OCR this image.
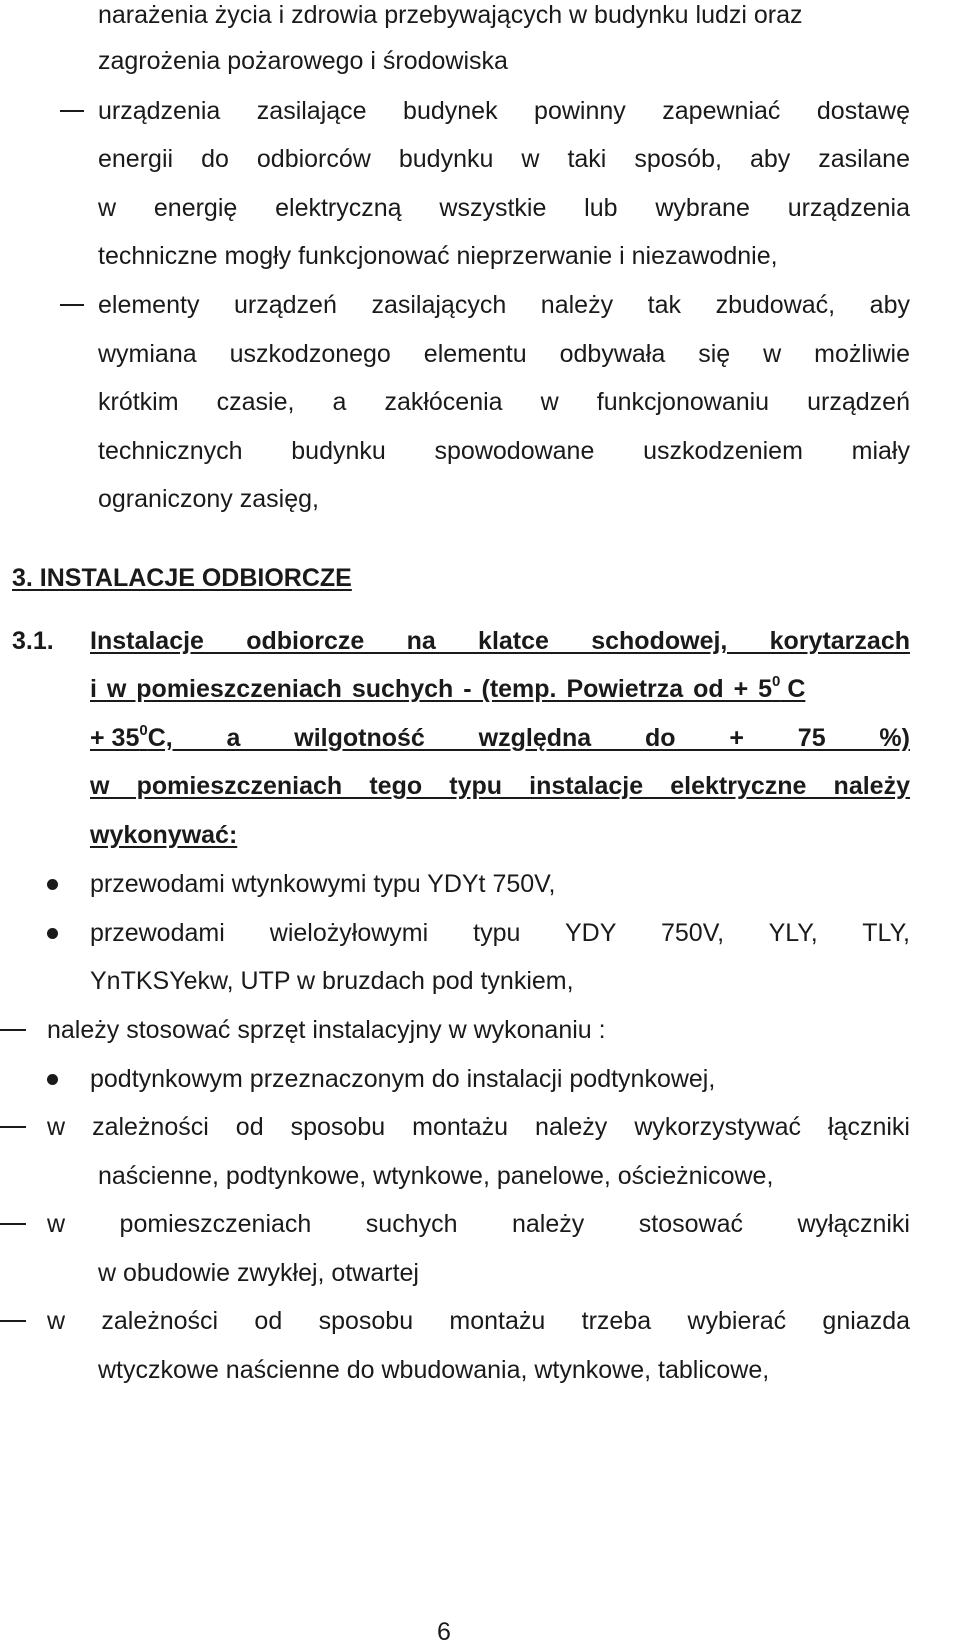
narażenia życia i zdrowia przebywających w budynku ludzi oraz
zagrożenia pożarowego i środowiska
urządzenia zasilające budynek powinny zapewniać dostawę
energii do odbiorców budynku w taki sposób, aby zasilane
w energię elektryczną wszystkie lub wybrane urządzenia
techniczne mogły funkcjonować nieprzerwanie i niezawodnie,
elementy urządzeń zasilających należy tak zbudować, aby
wymiana uszkodzonego elementu odbywała się w możliwie
krótkim czasie, a zakłócenia w funkcjonowaniu urządzeń
technicznych budynku spowodowane uszkodzeniem miały
ograniczony zasięg,
3. INSTALACJE ODBIORCZE
3.1. Instalacje odbiorcze na klatce schodowej, korytarzach
i w pomieszczeniach suchych - (temp. Powietrza od + $5^0$ C
+ $35^0$ C, a wilgotność względna do + 75 %)
w pomieszczeniach tego typu instalacje elektryczne należy
wykonywać:
przewodami wtynkowymi typu YDYt 750V,
przewodami wielożyłowymi typu YDY 750V, YLY, TLY,
YnTKSYekw, UTP w bruzdach pod tynkiem,
należy stosować sprzęt instalacyjny w wykonaniu :
podtynkowym przeznaczonym do instalacji podtynkowej,
w zależności od sposobu montażu należy wykorzystywać łączniki
naścienne, podtynkowe, wtynkowe, panelowe, ościeżnicowe,
w pomieszczeniach suchych należy stosować wyłączniki
w obudowie zwykłej, otwartej
w zależności od sposobu montażu trzeba wybierać gniazda
wtyczkowe naścienne do wbudowania, wtynkowe, tablicowe,
6
